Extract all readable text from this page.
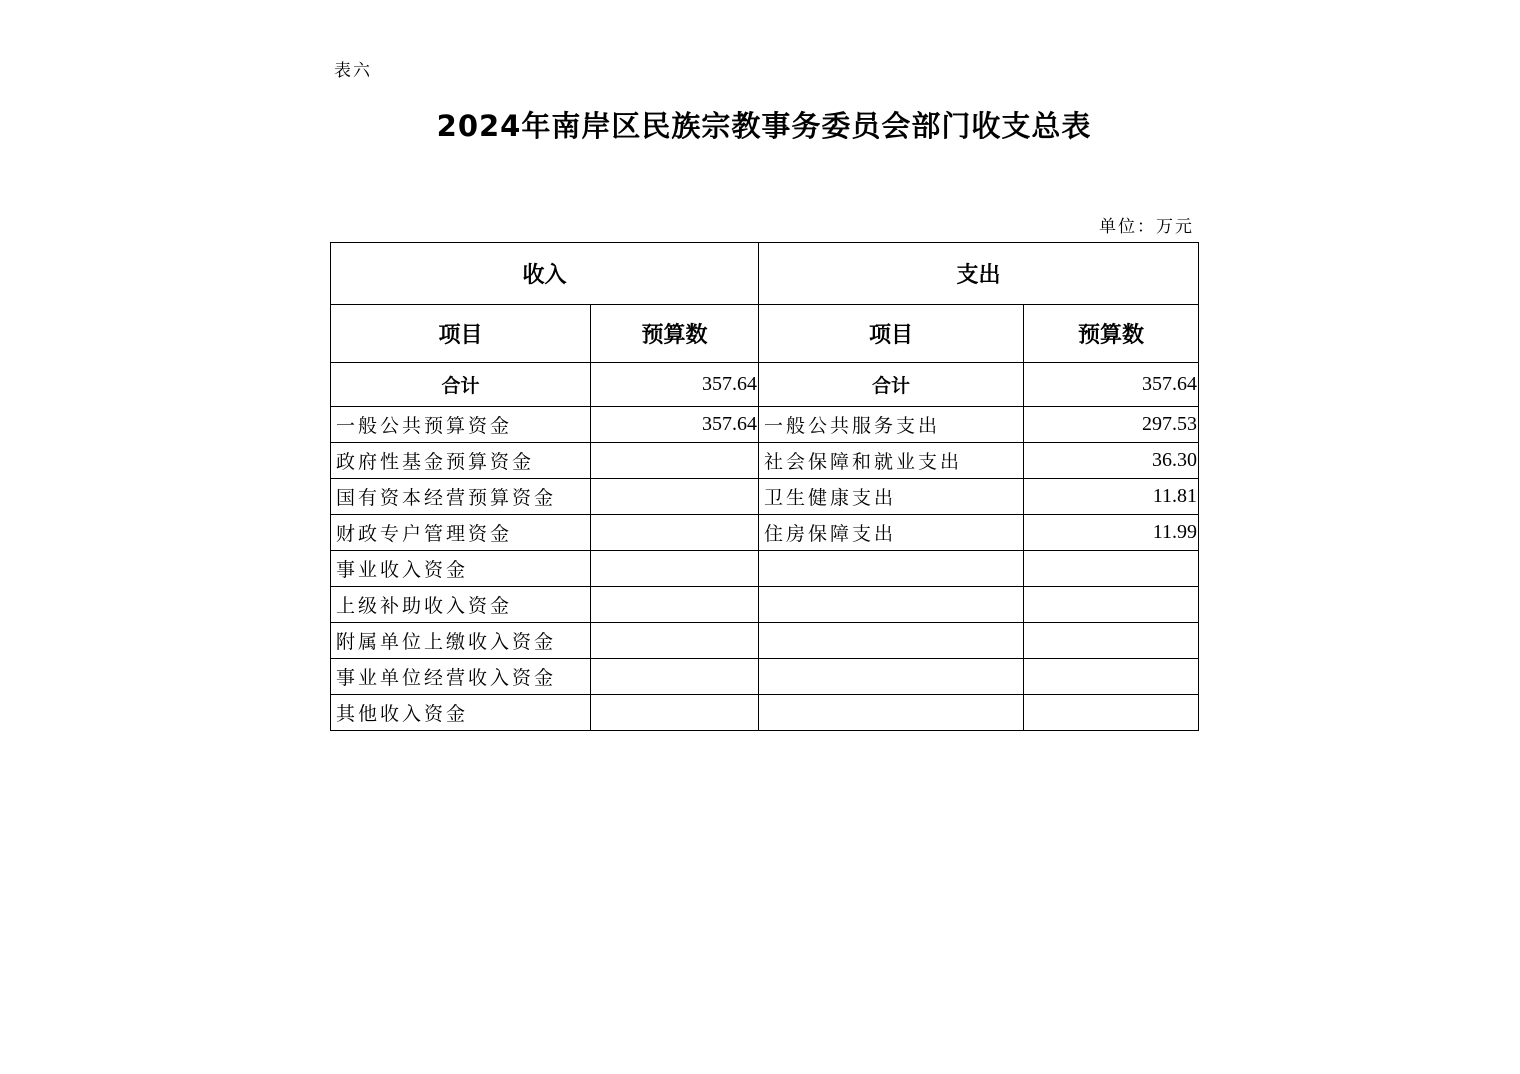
表六
2024年南岸区民族宗教事务委员会部门收支总表
单位：万元
收入		支出	
项目	预算数	项目	预算数
合计	357.64	合计	357.64
一般公共预算资金	357.64	一般公共服务支出	297.53
政府性基金预算资金		社会保障和就业支出	36.30
国有资本经营预算资金		卫生健康支出	11.81
财政专户管理资金		住房保障支出	11.99
事业收入资金			
上级补助收入资金			
附属单位上缴收入资金			
事业单位经营收入资金			
其他收入资金			
